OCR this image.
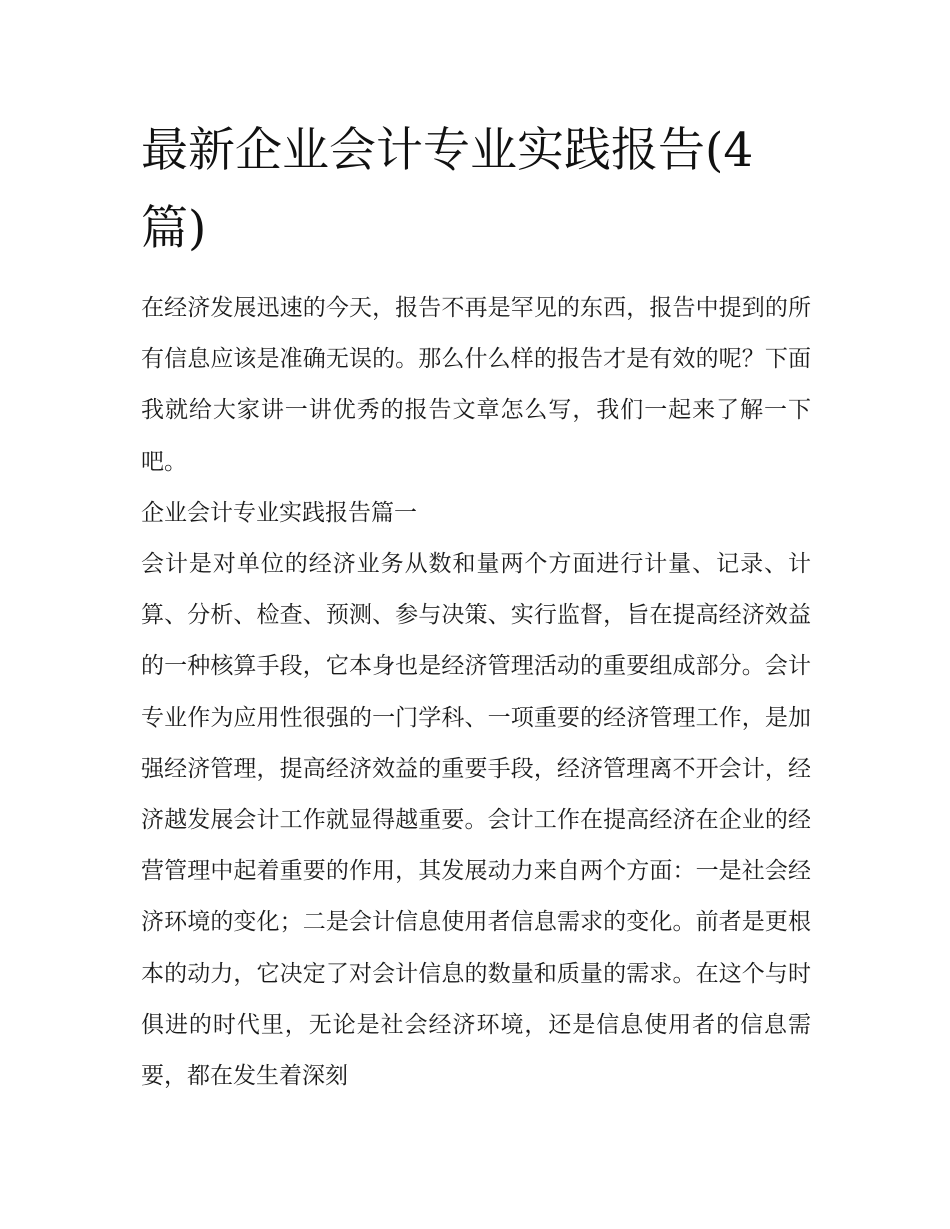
最新企业会计专业实践报告(4篇)

在经济发展迅速的今天，报告不再是罕见的东西，报告中提到的所有信息应该是准确无误的。那么什么样的报告才是有效的呢？下面我就给大家讲一讲优秀的报告文章怎么写，我们一起来了解一下吧。

企业会计专业实践报告篇一

会计是对单位的经济业务从数和量两个方面进行计量、记录、计算、分析、检查、预测、参与决策、实行监督，旨在提高经济效益的一种核算手段，它本身也是经济管理活动的重要组成部分。会计专业作为应用性很强的一门学科、一项重要的经济管理工作，是加强经济管理，提高经济效益的重要手段，经济管理离不开会计，经济越发展会计工作就显得越重要。会计工作在提高经济在企业的经营管理中起着重要的作用，其发展动力来自两个方面：一是社会经济环境的变化；二是会计信息使用者信息需求的变化。前者是更根本的动力，它决定了对会计信息的数量和质量的需求。在这个与时俱进的时代里，无论是社会经济环境，还是信息使用者的信息需要，都在发生着深刻
